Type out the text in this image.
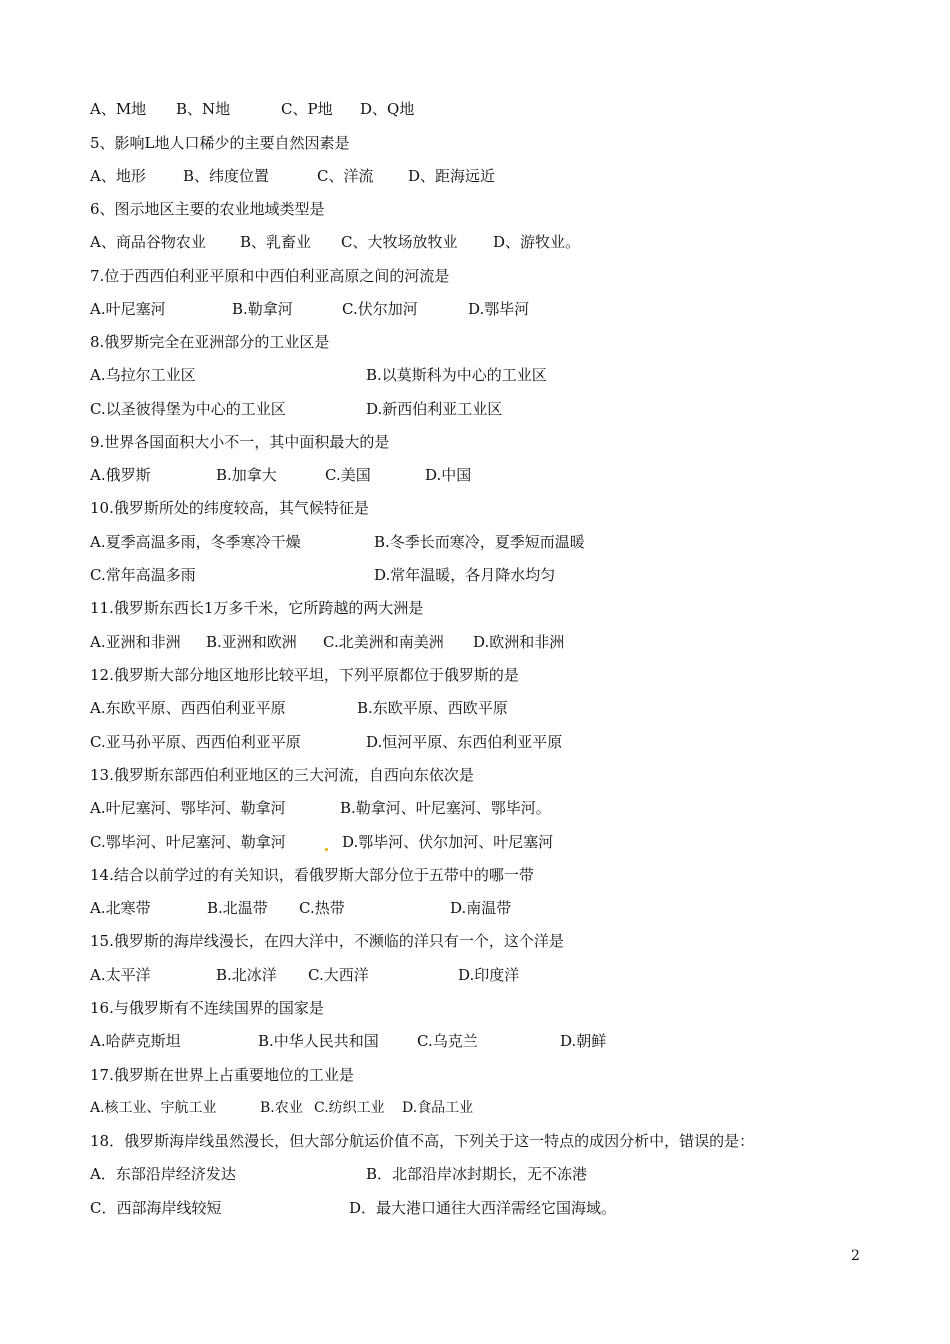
A、M地 B、N地	C、P地 D、Q地
5、影响L地人口稀少的主要自然因素是
A、地形 B、纬度位置	C、洋流 D、距海远近
6、图示地区主要的农业地域类型是
A、商品谷物农业 B、乳畜业 C、大牧场放牧业 D、游牧业。
7.位于西西伯利亚平原和中西伯利亚高原之间的河流是
A.叶尼塞河	B.勒拿河	C.伏尔加河	D.鄂毕河
8.俄罗斯完全在亚洲部分的工业区是
A.乌拉尔工业区	B.以莫斯科为中心的工业区
C.以圣彼得堡为中心的工业区	D.新西伯利亚工业区
9.世界各国面积大小不一，其中面积最大的是
A.俄罗斯	B.加拿大	C.美国	D.中国
10.俄罗斯所处的纬度较高，其气候特征是
A.夏季高温多雨，冬季寒冷干燥	B.冬季长而寒冷，夏季短而温暖
C.常年高温多雨	D.常年温暖，各月降水均匀
11.俄罗斯东西长1万多千米，它所跨越的两大洲是
A.亚洲和非洲 B.亚洲和欧洲 C.北美洲和南美洲 D.欧洲和非洲
12.俄罗斯大部分地区地形比较平坦，下列平原都位于俄罗斯的是
A.东欧平原、西西伯利亚平原	B.东欧平原、西欧平原
C.亚马孙平原、西西伯利亚平原	D.恒河平原、东西伯利亚平原
13.俄罗斯东部西伯利亚地区的三大河流，自西向东依次是
A.叶尼塞河、鄂毕河、勒拿河	B.勒拿河、叶尼塞河、鄂毕河。
C.鄂毕河、叶尼塞河、勒拿河	D.鄂毕河、伏尔加河、叶尼塞河
14.结合以前学过的有关知识，看俄罗斯大部分位于五带中的哪一带
A.北寒带	B.北温带 C.热带	D.南温带
15.俄罗斯的海岸线漫长，在四大洋中，不濒临的洋只有一个，这个洋是
A.太平洋	B.北冰洋 C.大西洋	D.印度洋
16.与俄罗斯有不连续国界的国家是
A.哈萨克斯坦	B.中华人民共和国	C.乌克兰	D.朝鲜
17.俄罗斯在世界上占重要地位的工业是
A.核工业、宇航工业	B.农业 C.纺织工业 D.食品工业
18．俄罗斯海岸线虽然漫长，但大部分航运价值不高，下列关于这一特点的成因分析中，错误的是：
A．东部沿岸经济发达	B．北部沿岸冰封期长，无不冻港
C．西部海岸线较短	D．最大港口通往大西洋需经它国海域。
2
